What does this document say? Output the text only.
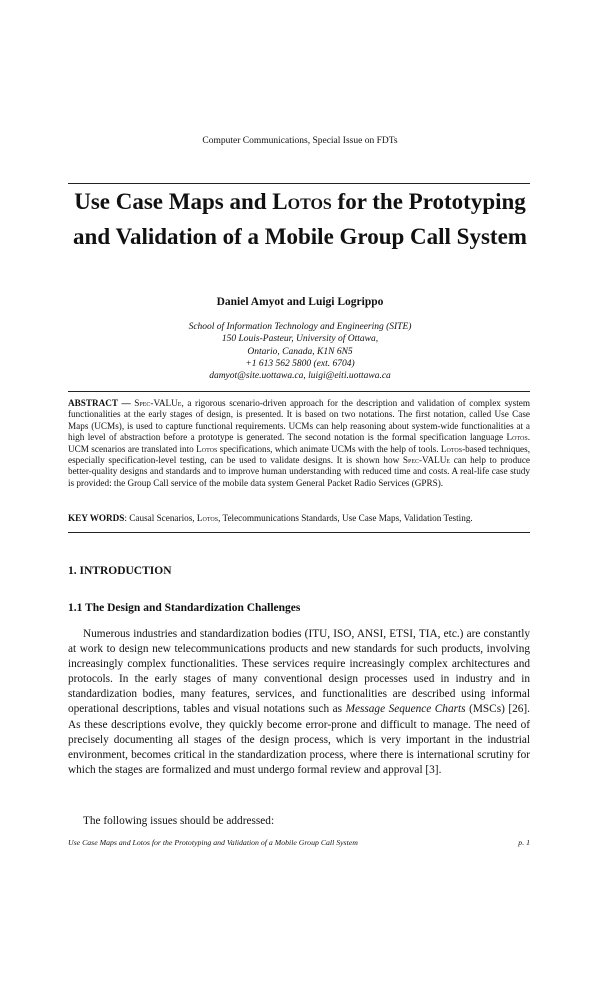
Computer Communications, Special Issue on FDTs
Use Case Maps and Lotos for the Prototyping and Validation of a Mobile Group Call System
Daniel Amyot and Luigi Logrippo
School of Information Technology and Engineering (SITE)
150 Louis-Pasteur, University of Ottawa,
Ontario, Canada, K1N 6N5
+1 613 562 5800 (ext. 6704)
damyot@site.uottawa.ca, luigi@eiti.uottawa.ca
ABSTRACT — Spec-VALUe, a rigorous scenario-driven approach for the description and validation of complex system functionalities at the early stages of design, is presented. It is based on two notations. The first notation, called Use Case Maps (UCMs), is used to capture functional requirements. UCMs can help reasoning about system-wide functionalities at a high level of abstraction before a prototype is generated. The second notation is the formal specification language Lotos. UCM scenarios are translated into Lotos specifications, which animate UCMs with the help of tools. Lotos-based techniques, especially specification-level testing, can be used to validate designs. It is shown how Spec-VALUe can help to produce better-quality designs and standards and to improve human understanding with reduced time and costs. A real-life case study is provided: the Group Call service of the mobile data system General Packet Radio Services (GPRS).
KEY WORDS: Causal Scenarios, Lotos, Telecommunications Standards, Use Case Maps, Validation Testing.
1. INTRODUCTION
1.1 The Design and Standardization Challenges
Numerous industries and standardization bodies (ITU, ISO, ANSI, ETSI, TIA, etc.) are constantly at work to design new telecommunications products and new standards for such products, involving increasingly complex functionalities. These services require increasingly complex architectures and protocols. In the early stages of many conventional design processes used in industry and in standardization bodies, many features, services, and functionalities are described using informal operational descriptions, tables and visual notations such as Message Sequence Charts (MSCs) [26]. As these descriptions evolve, they quickly become error-prone and difficult to manage. The need of precisely documenting all stages of the design process, which is very important in the industrial environment, becomes critical in the standardization process, where there is international scrutiny for which the stages are formalized and must undergo formal review and approval [3].
The following issues should be addressed:
Use Case Maps and Lotos for the Prototyping and Validation of a Mobile Group Call System	p. 1
